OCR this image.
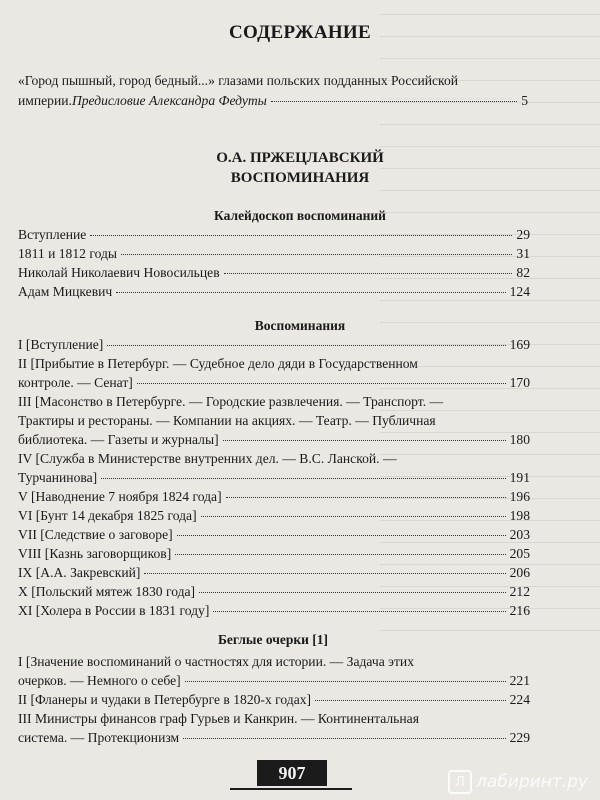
СОДЕРЖАНИЕ
«Город пышный, город бедный...» глазами польских подданных Российской
империи. Предисловие Александра Федуты	5
О.А. ПРЖЕЦЛАВСКИЙ
ВОСПОМИНАНИЯ
Калейдоскоп воспоминаний
Вступление	29
1811 и 1812 годы	31
Николай Николаевич Новосильцев	82
Адам Мицкевич	124
Воспоминания
I [Вступление]	169
II [Прибытие в Петербург. — Судебное дело дяди в Государственном
контроле. — Сенат]	170
III [Масонство в Петербурге. — Городские развлечения. — Транспорт. —
Трактиры и рестораны. — Компании на акциях. — Театр. — Публичная
библиотека. — Газеты и журналы]	180
IV [Служба в Министерстве внутренних дел. — В.С. Ланской. —
Турчанинова]	191
V [Наводнение 7 ноября 1824 года]	196
VI [Бунт 14 декабря 1825 года]	198
VII [Следствие о заговоре]	203
VIII [Казнь заговорщиков]	205
IX [А.А. Закревский]	206
X [Польский мятеж 1830 года]	212
XI [Холера в России в 1831 году]	216
Беглые очерки [1]
I [Значение воспоминаний о частностях для истории. — Задача этих
очерков. — Немного о себе]	221
II [Фланеры и чудаки в Петербурге в 1820-х годах]	224
III Министры финансов граф Гурьев и Канкрин. — Континентальная
система. — Протекционизм	229
907	Л лабиринт.ру
